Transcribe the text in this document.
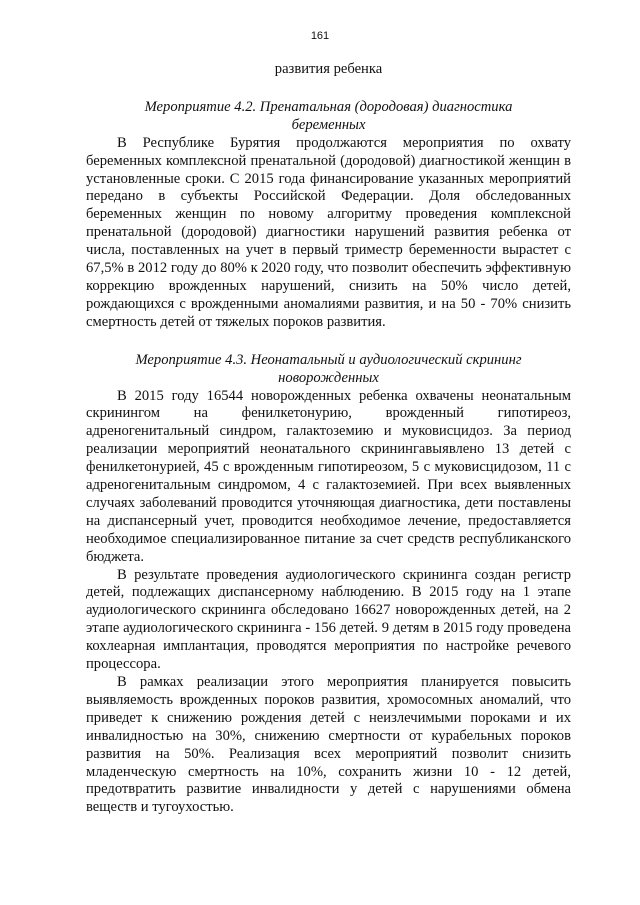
161

развития ребенка

Мероприятие 4.2. Пренатальная (дородовая) диагностика беременных

В Республике Бурятия продолжаются мероприятия по охвату беременных комплексной пренатальной (дородовой) диагностикой женщин в установленные сроки. С 2015 года финансирование указанных мероприятий передано в субъекты Российской Федерации. Доля обследованных беременных женщин по новому алгоритму проведения комплексной пренатальной (дородовой) диагностики нарушений развития ребенка от числа, поставленных на учет в первый триместр беременности вырастет с 67,5% в 2012 году до 80% к 2020 году, что позволит обеспечить эффективную коррекцию врожденных нарушений, снизить на 50% число детей, рождающихся с врожденными аномалиями развития, и на 50 - 70% снизить смертность детей от тяжелых пороков развития.

Мероприятие 4.3. Неонатальный и аудиологический скрининг новорожденных

В 2015 году 16544 новорожденных ребенка охвачены неонатальным скринингом на фенилкетонурию, врожденный гипотиреоз, адреногенитальный синдром, галактоземию и муковисцидоз. За период реализации мероприятий неонатального скринингавыявлено 13 детей с фенилкетонурией, 45 с врожденным гипотиреозом, 5 с муковисцидозом, 11 с адреногенитальным синдромом, 4 с галактоземией. При всех выявленных случаях заболеваний проводится уточняющая диагностика, дети поставлены на диспансерный учет, проводится необходимое лечение, предоставляется необходимое специализированное питание за счет средств республиканского бюджета.

В результате проведения аудиологического скрининга создан регистр детей, подлежащих диспансерному наблюдению. В 2015 году на 1 этапе аудиологического скрининга обследовано 16627 новорожденных детей, на 2 этапе аудиологического скрининга - 156 детей. 9 детям в 2015 году проведена кохлеарная имплантация, проводятся мероприятия по настройке речевого процессора.

В рамках реализации этого мероприятия планируется повысить выявляемость врожденных пороков развития, хромосомных аномалий, что приведет к снижению рождения детей с неизлечимыми пороками и их инвалидностью на 30%, снижению смертности от курабельных пороков развития на 50%. Реализация всех мероприятий позволит снизить младенческую смертность на 10%, сохранить жизни 10 - 12 детей, предотвратить развитие инвалидности у детей с нарушениями обмена веществ и тугоухостью.
